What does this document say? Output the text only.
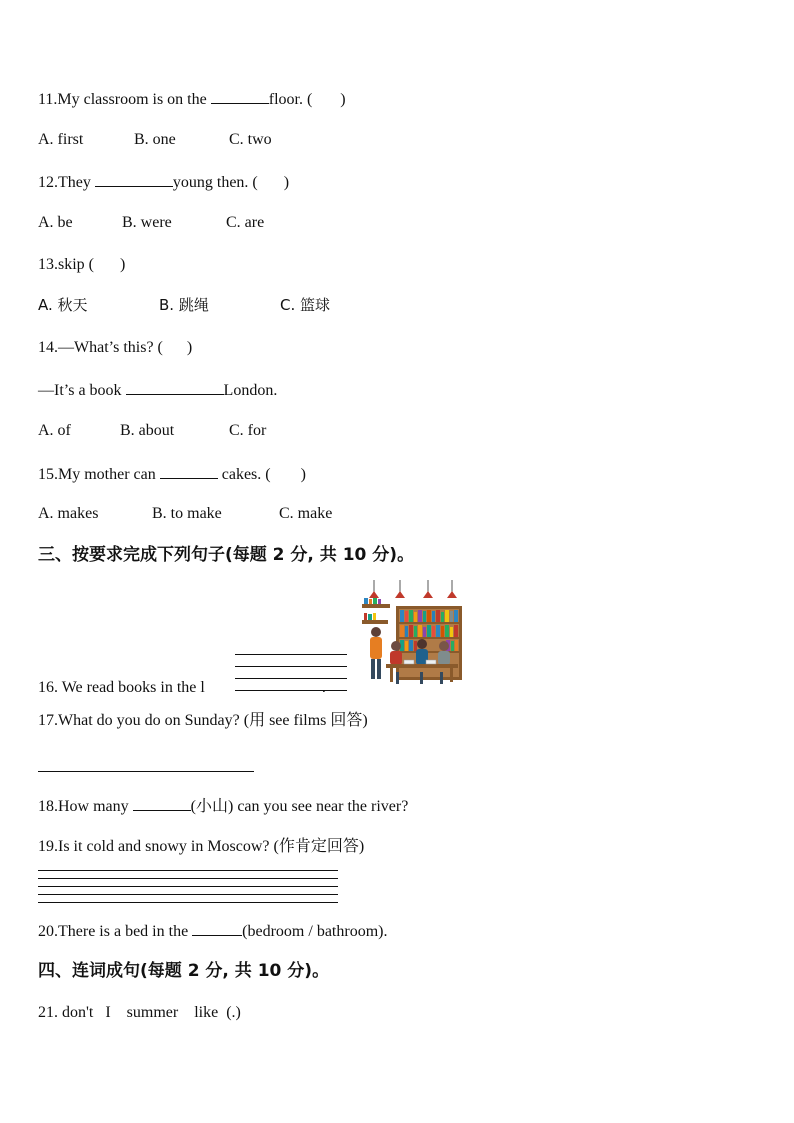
11.My classroom is on the	floor. ( )
A. first	B. one	C. two
12.They	young then. ( )
A. be	B. were	C. are
13.skip ( )
A. 秋天	B. 跳绳	C. 篮球
14.—What’s this? ( )
—It’s a book	London.
A. of	B. about	C. for
15.My mother can	cakes. ( )
A. makes	B. to make	C. make
三、按要求完成下列句子(每题 2 分, 共 10 分)。
16. We read books in the l	.
17.What do you do on Sunday? (用 see films 回答)
18.How many	(小山) can you see near the river?
19.Is it cold and snowy in Moscow? (作肯定回答)
20.There is a bed in the	(bedroom / bathroom).
四、连词成句(每题 2 分, 共 10 分)。
21. don't   I    summer    like  (.)
